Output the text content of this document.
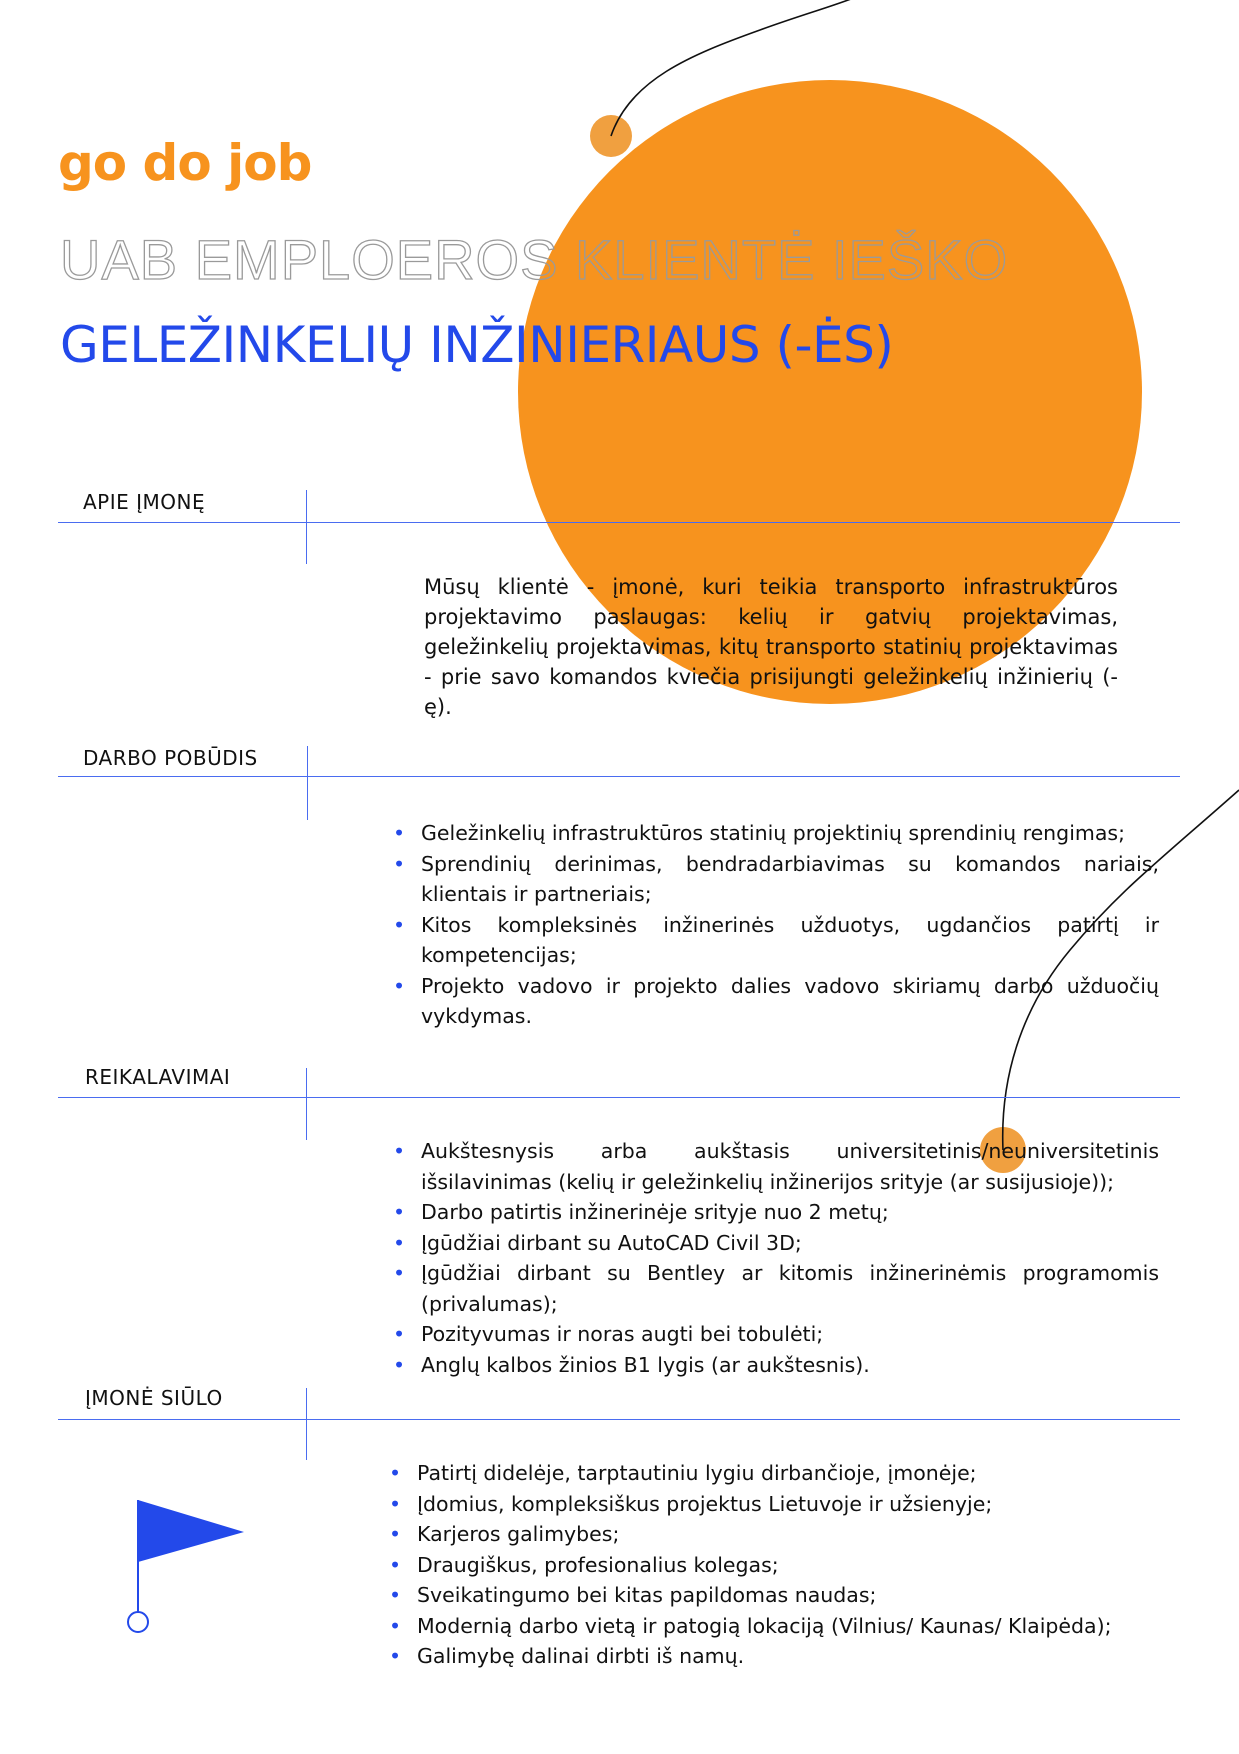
go do job
UAB EMPLOEROS KLIENTĖ IEŠKO
GELEŽINKELIŲ INŽINIERIAUS (-ĖS)
APIE ĮMONĘ
Mūsų klientė - įmonė, kuri teikia transporto infrastruktūros projektavimo paslaugas: kelių ir gatvių projektavimas, geležinkelių projektavimas, kitų transporto statinių projektavimas - prie savo komandos kviečia prisijungti geležinkelių inžinierių (-ę).
DARBO POBŪDIS
• Geležinkelių infrastruktūros statinių projektinių sprendinių rengimas;
• Sprendinių derinimas, bendradarbiavimas su komandos nariais, klientais ir partneriais;
• Kitos kompleksinės inžinerinės užduotys, ugdančios patirtį ir kompetencijas;
• Projekto vadovo ir projekto dalies vadovo skiriamų darbo užduočių vykdymas.
REIKALAVIMAI
• Aukštesnysis arba aukštasis universitetinis/neuniversitetinis išsilavinimas (kelių ir geležinkelių inžinerijos srityje (ar susijusioje));
• Darbo patirtis inžinerinėje srityje nuo 2 metų;
• Įgūdžiai dirbant su AutoCAD Civil 3D;
• Įgūdžiai dirbant su Bentley ar kitomis inžinerinėmis programomis (privalumas);
• Pozityvumas ir noras augti bei tobulėti;
• Anglų kalbos žinios B1 lygis (ar aukštesnis).
ĮMONĖ SIŪLO
• Patirtį didelėje, tarptautiniu lygiu dirbančioje, įmonėje;
• Įdomius, kompleksiškus projektus Lietuvoje ir užsienyje;
• Karjeros galimybes;
• Draugiškus, profesionalius kolegas;
• Sveikatingumo bei kitas papildomas naudas;
• Modernią darbo vietą ir patogią lokaciją (Vilnius/ Kaunas/ Klaipėda);
• Galimybę dalinai dirbti iš namų.
